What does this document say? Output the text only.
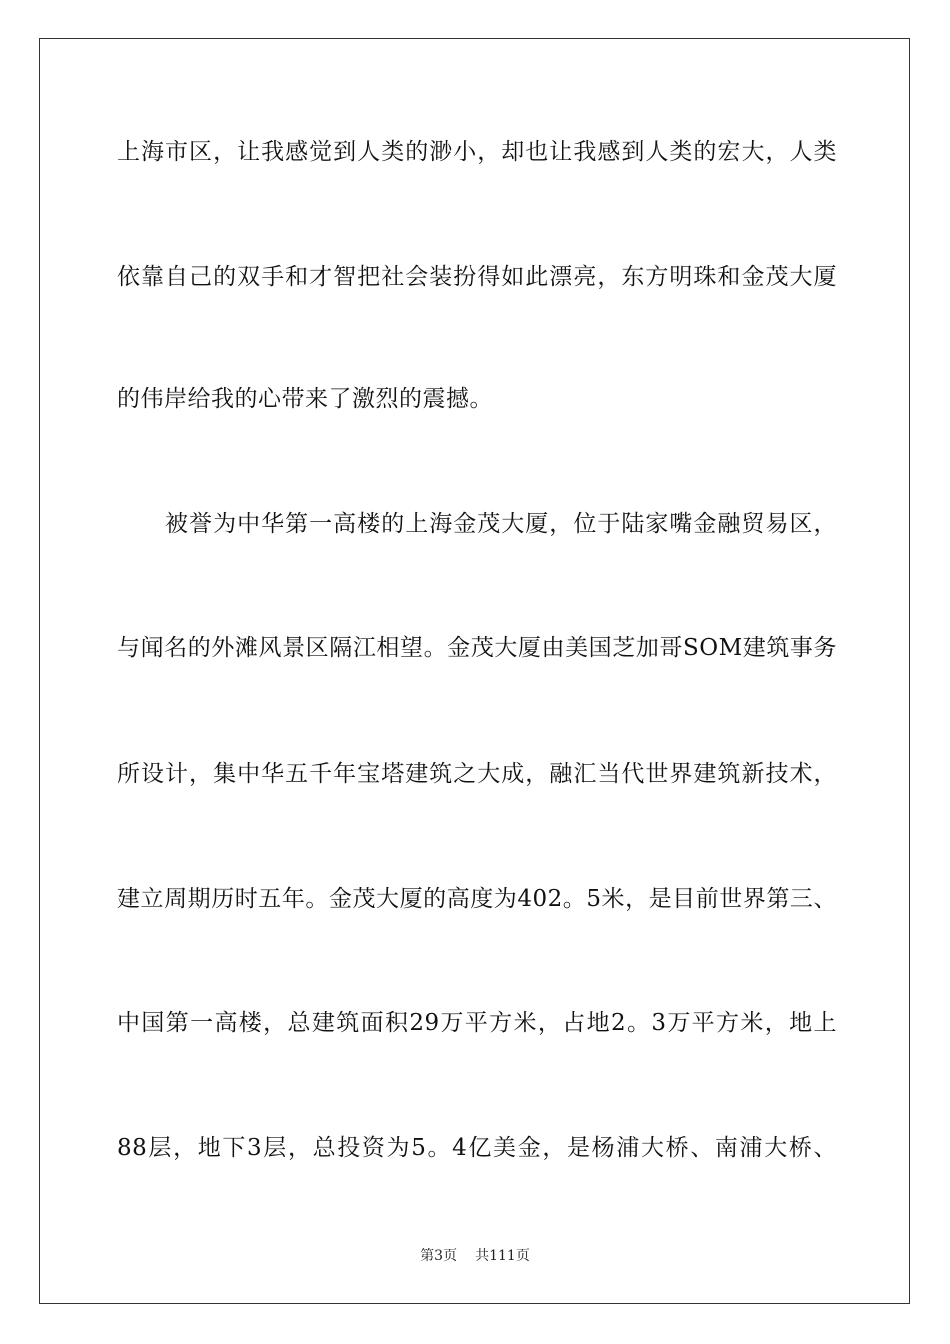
上海市区，让我感觉到人类的渺小，却也让我感到人类的宏大，人类
依靠自己的双手和才智把社会装扮得如此漂亮，东方明珠和金茂大厦
的伟岸给我的心带来了激烈的震撼。
　　被誉为中华第一高楼的上海金茂大厦，位于陆家嘴金融贸易区，
与闻名的外滩风景区隔江相望。金茂大厦由美国芝加哥SOM建筑事务
所设计，集中华五千年宝塔建筑之大成，融汇当代世界建筑新技术，
建立周期历时五年。金茂大厦的高度为402。5米，是目前世界第三、
中国第一高楼，总建筑面积29万平方米，占地2。3万平方米，地上
88层，地下3层，总投资为5。4亿美金，是杨浦大桥、南浦大桥、
第3页 共111页
